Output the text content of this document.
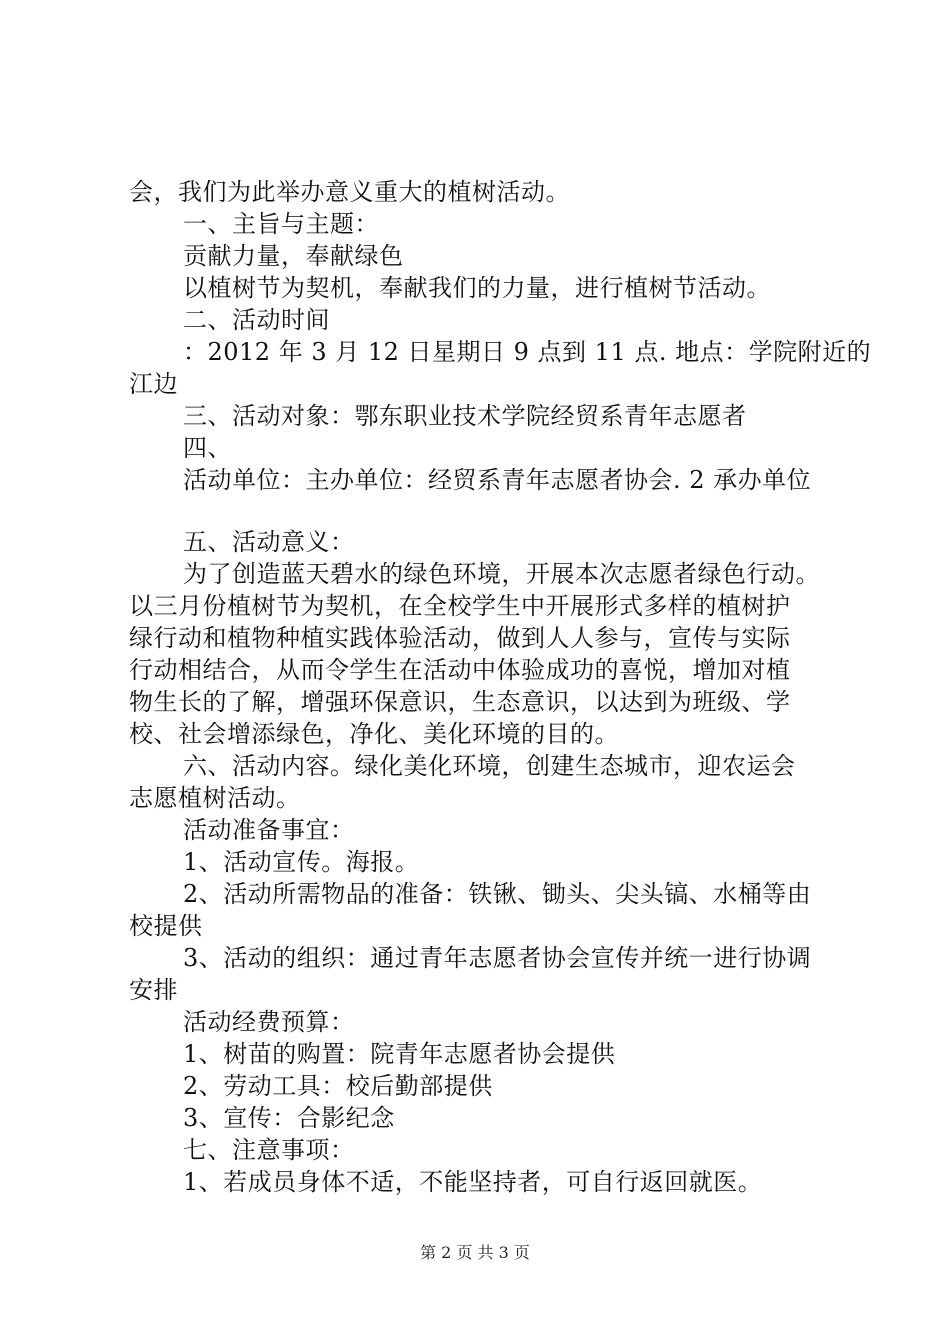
会，我们为此举办意义重大的植树活动。
一、主旨与主题：
贡献力量，奉献绿色
以植树节为契机，奉献我们的力量，进行植树节活动。
二、活动时间
：2012 年 3 月 12 日星期日 9 点到 11 点. 地点：学院附近的
江边
三、活动对象：鄂东职业技术学院经贸系青年志愿者
四、
活动单位：主办单位：经贸系青年志愿者协会. 2 承办单位
五、活动意义：
为了创造蓝天碧水的绿色环境，开展本次志愿者绿色行动。
以三月份植树节为契机，在全校学生中开展形式多样的植树护
绿行动和植物种植实践体验活动，做到人人参与，宣传与实际
行动相结合，从而令学生在活动中体验成功的喜悦，增加对植
物生长的了解，增强环保意识，生态意识，以达到为班级、学
校、社会增添绿色，净化、美化环境的目的。
六、活动内容。绿化美化环境，创建生态城市，迎农运会
志愿植树活动。
活动准备事宜：
1、活动宣传。海报。
2、活动所需物品的准备：铁锹、锄头、尖头镐、水桶等由
校提供
3、活动的组织：通过青年志愿者协会宣传并统一进行协调
安排
活动经费预算：
1、树苗的购置：院青年志愿者协会提供
2、劳动工具：校后勤部提供
3、宣传：合影纪念
七、注意事项：
1、若成员身体不适，不能坚持者，可自行返回就医。
第 2 页 共 3 页
